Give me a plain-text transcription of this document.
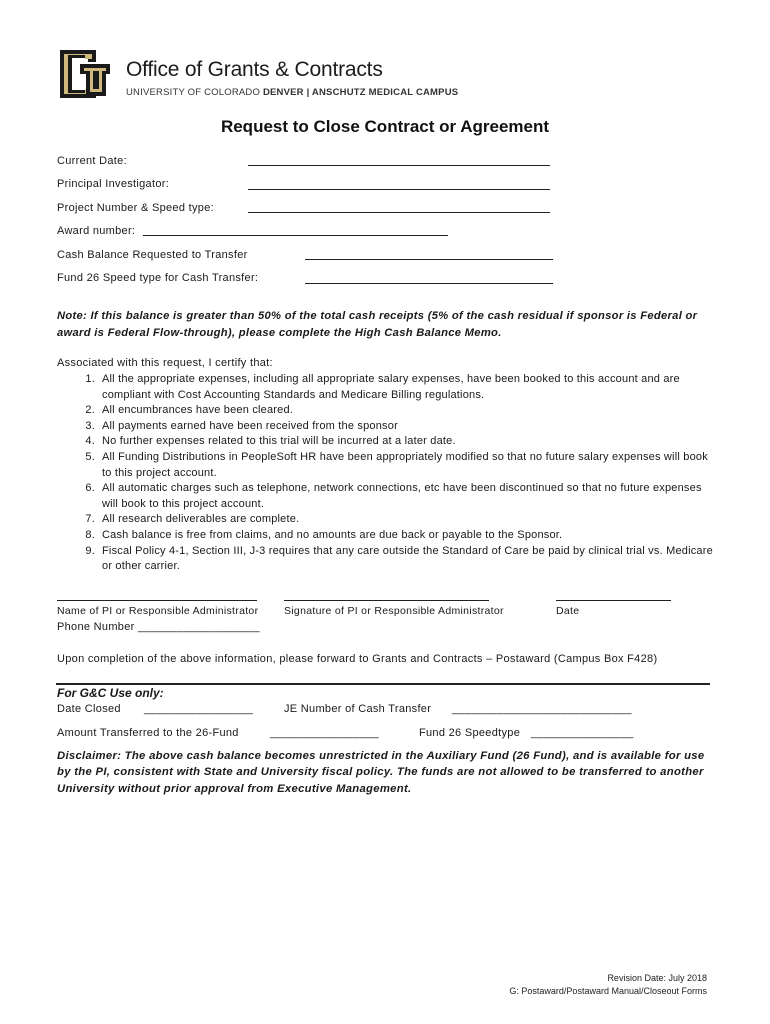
Office of Grants & Contracts
UNIVERSITY OF COLORADO DENVER | ANSCHUTZ MEDICAL CAMPUS
Request to Close Contract or Agreement
Current Date:
Principal Investigator:
Project Number & Speed type:
Award number:
Cash Balance Requested to Transfer
Fund 26 Speed type for Cash Transfer:
Note: If this balance is greater than 50% of the total cash receipts (5% of the cash residual if sponsor is Federal or award is Federal Flow-through), please complete the High Cash Balance Memo.
Associated with this request, I certify that:
1. All the appropriate expenses, including all appropriate salary expenses, have been booked to this account and are compliant with Cost Accounting Standards and Medicare Billing regulations.
2. All encumbrances have been cleared.
3. All payments earned have been received from the sponsor
4. No further expenses related to this trial will be incurred at a later date.
5. All Funding Distributions in PeopleSoft HR have been appropriately modified so that no future salary expenses will book to this project account.
6. All automatic charges such as telephone, network connections, etc have been discontinued so that no future expenses will book to this project account.
7. All research deliverables are complete.
8. Cash balance is free from claims, and no amounts are due back or payable to the Sponsor.
9. Fiscal Policy 4-1, Section III, J-3 requires that any care outside the Standard of Care be paid by clinical trial vs. Medicare or other carrier.
Name of PI or Responsible Administrator Signature of PI or Responsible Administrator	Date
Phone Number ___________________
Upon completion of the above information, please forward to Grants and Contracts – Postaward (Campus Box F428)
For G&C Use only:
Date Closed _________________	JE Number of Cash Transfer ____________________________
Amount Transferred to the 26-Fund	_________________	Fund 26 Speedtype ________________
Disclaimer: The above cash balance becomes unrestricted in the Auxiliary Fund (26 Fund), and is available for use by the PI, consistent with State and University fiscal policy. The funds are not allowed to be transferred to another University without prior approval from Executive Management.
Revision Date: July 2018
G: Postaward/Postaward Manual/Closeout Forms
